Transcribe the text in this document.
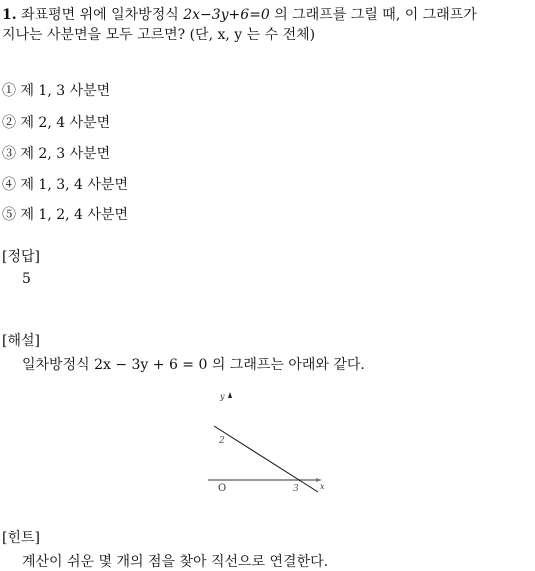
1. 좌표평면 위에 일차방정식 2x−3y+6=0 의 그래프를 그릴 때, 이 그래프가
지나는 사분면을 모두 고르면? (단, x, y 는 수 전체)
① 제 1, 3 사분면
② 제 2, 4 사분면
③ 제 2, 3 사분면
④ 제 1, 3, 4 사분면
⑤ 제 1, 2, 4 사분면
[정답]
5
[해설]
일차방정식 2x − 3y + 6 = 0 의 그래프는 아래와 같다.
y
x
O
2
3
[힌트]
계산이 쉬운 몇 개의 점을 찾아 직선으로 연결한다.
